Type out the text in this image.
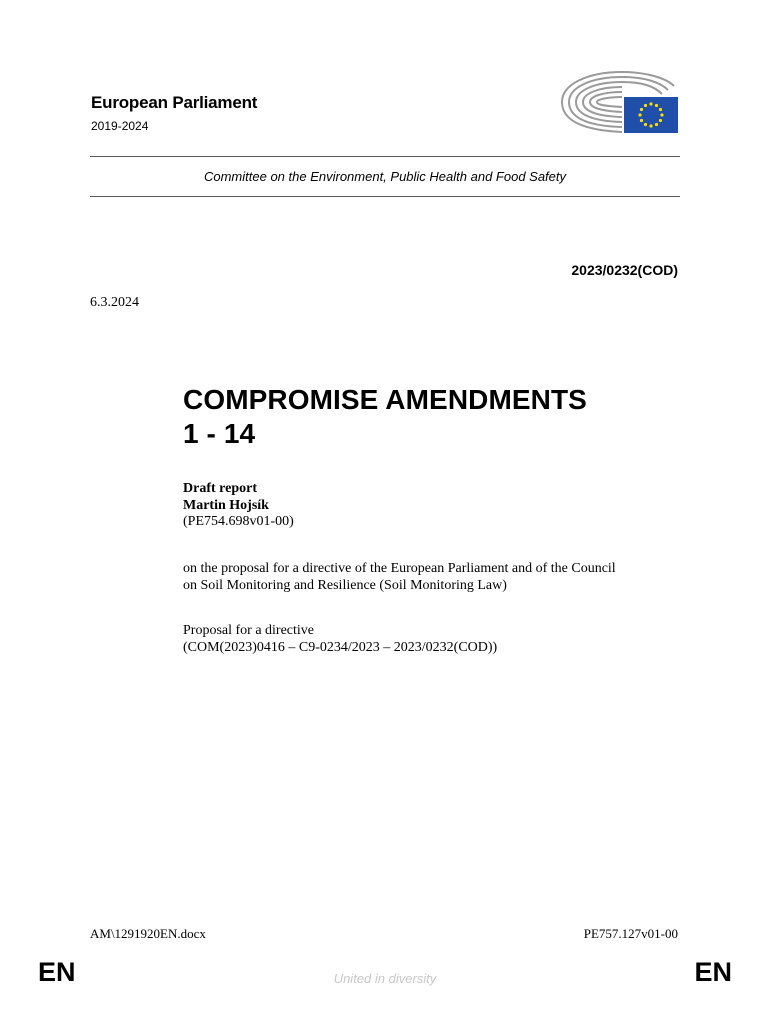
European Parliament
2019-2024
Committee on the Environment, Public Health and Food Safety
2023/0232(COD)
6.3.2024
COMPROMISE AMENDMENTS
1 - 14
Draft report
Martin Hojsík
(PE754.698v01-00)
on the proposal for a directive of the European Parliament and of the Council
on Soil Monitoring and Resilience (Soil Monitoring Law)
Proposal for a directive
(COM(2023)0416 – C9-0234/2023 – 2023/0232(COD))
AM\1291920EN.docx	PE757.127v01-00
EN	United in diversity	EN
